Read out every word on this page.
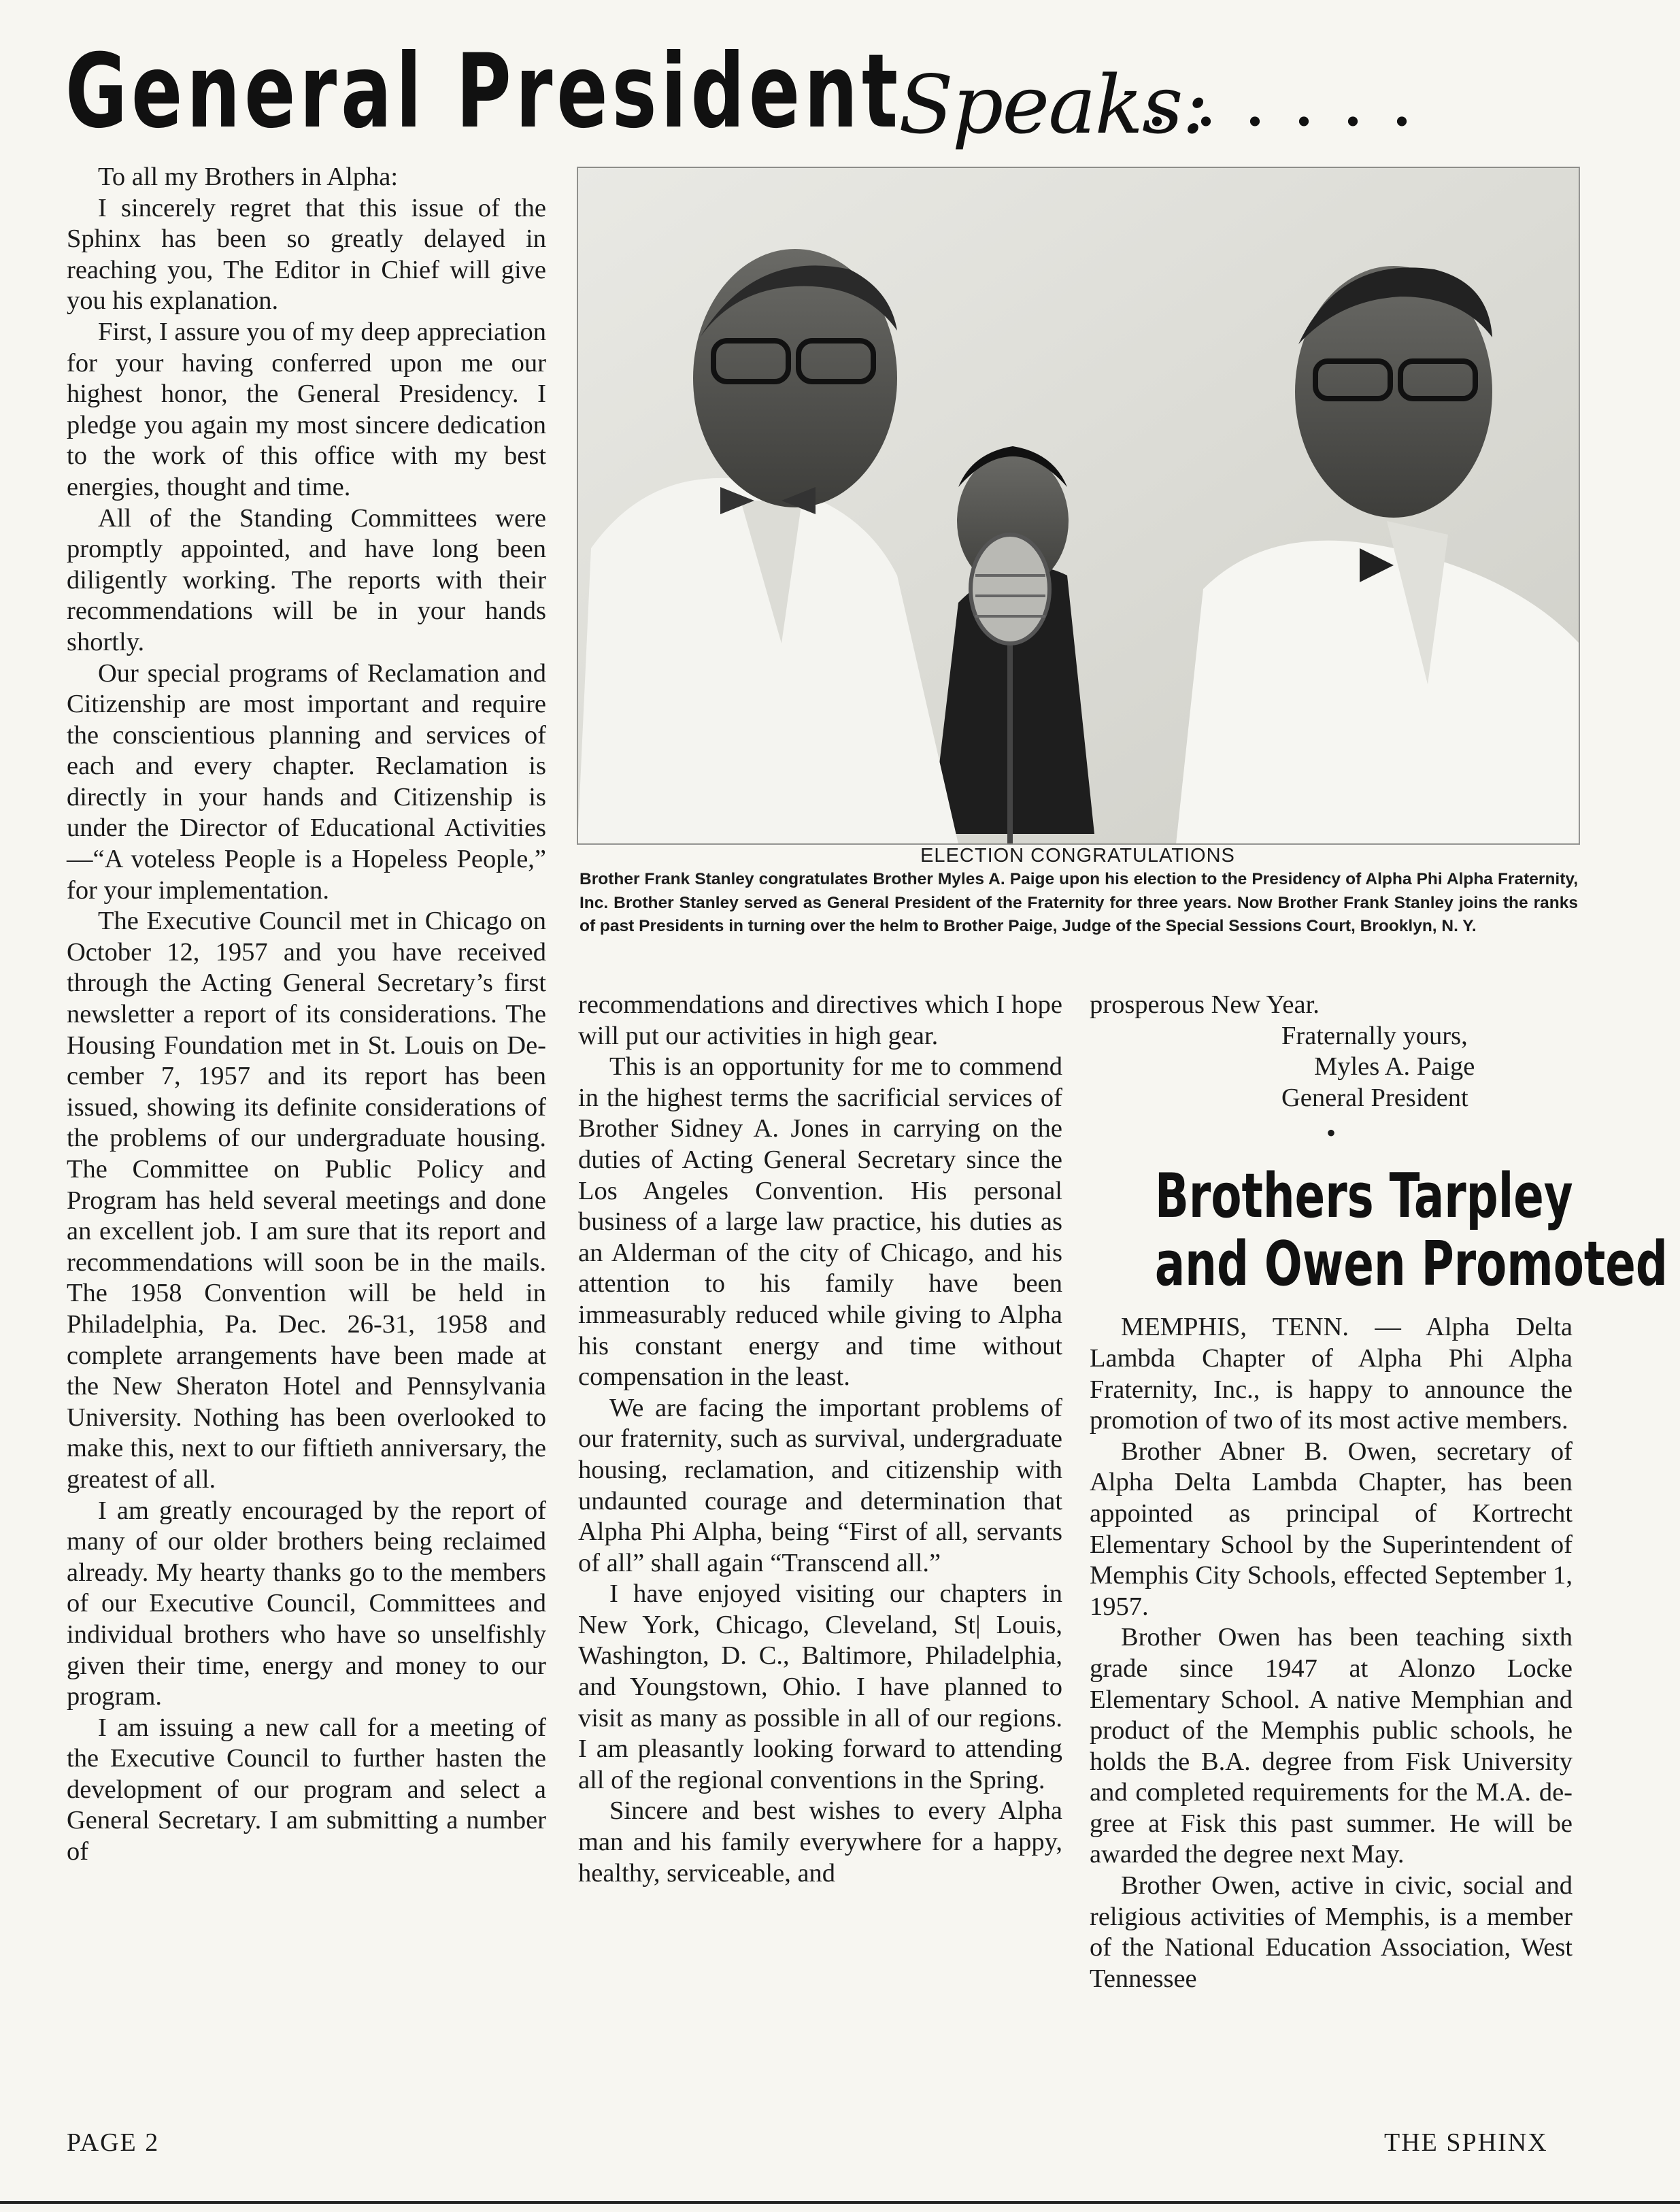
General President
Speaks:
......

To all my Brothers in Alpha:

I sincerely regret that this issue of the Sphinx has been so greatly delayed in reaching you, The Editor in Chief will give you his explanation.

First, I assure you of my deep appreciation for your having conferred upon me our highest honor, the General Presidency. I pledge you again my most sincere dedication to the work of this office with my best energies, thought and time.

All of the Standing Committees were promptly appointed, and have long been diligently working. The reports with their recommendations will be in your hands shortly.

Our special programs of Reclamation and Citizenship are most important and require the conscientious planning and services of each and every chapter. Reclamation is directly in your hands and Citizenship is under the Director of Educational Activities —“A voteless People is a Hopeless People,” for your implementation.

The Executive Council met in Chicago on October 12, 1957 and you have received through the Acting General Secretary’s first newsletter a report of its considerations. The Housing Foundation met in St. Louis on December 7, 1957 and its report has been issued, showing its definite considerations of the problems of our undergraduate housing. The Committee on Public Policy and Program has held several meetings and done an excellent job. I am sure that its report and recommendations will soon be in the mails. The 1958 Convention will be held in Philadelphia, Pa. Dec. 26-31, 1958 and complete arrangements have been made at the New Sheraton Hotel and Pennsylvania University. Nothing has been overlooked to make this, next to our fiftieth anniversary, the greatest of all.

I am greatly encouraged by the report of many of our older brothers being reclaimed already. My hearty thanks go to the members of our Executive Council, Committees and individual brothers who have so unselfishly given their time, energy and money to our program.

I am issuing a new call for a meeting of the Executive Council to further hasten the development of our program and select a General Secretary. I am submitting a number of

ELECTION CONGRATULATIONS
Brother Frank Stanley congratulates Brother Myles A. Paige upon his election to the Presidency of Alpha Phi Alpha Fraternity, Inc. Brother Stanley served as General President of the Fraternity for three years. Now Brother Frank Stanley joins the ranks of past Presidents in turning over the helm to Brother Paige, Judge of the Special Sessions Court, Brooklyn, N. Y.

recommendations and directives which I hope will put our activities in high gear.

This is an opportunity for me to commend in the highest terms the sacrificial services of Brother Sidney A. Jones in carrying on the duties of Acting General Secretary since the Los Angeles Convention. His personal business of a large law practice, his duties as an Alderman of the city of Chicago, and his attention to his family have been immeasurably reduced while giving to Alpha his constant energy and time without compensation in the least.

We are facing the important problems of our fraternity, such as survival, undergraduate housing, reclamation, and citizenship with undaunted courage and determination that Alpha Phi Alpha, being “First of all, servants of all” shall again “Transcend all.”

I have enjoyed visiting our chapters in New York, Chicago, Cleveland, St| Louis, Washington, D. C., Baltimore, Philadelphia, and Youngstown, Ohio. I have planned to visit as many as possible in all of our regions. I am pleasantly looking forward to attending all of the regional conventions in the Spring.

Sincere and best wishes to every Alpha man and his family everywhere for a happy, healthy, serviceable, and

prosperous New Year.

Fraternally yours,

Myles A. Paige

General President

•

Brothers Tarpley
and Owen Promoted

MEMPHIS, TENN. — Alpha Delta Lambda Chapter of Alpha Phi Alpha Fraternity, Inc., is happy to announce the promotion of two of its most active members.

Brother Abner B. Owen, secretary of Alpha Delta Lambda Chapter, has been appointed as principal of Kortrecht Elementary School by the Superintendent of Memphis City Schools, effected September 1, 1957.

Brother Owen has been teaching sixth grade since 1947 at Alonzo Locke Elementary School. A native Memphian and product of the Memphis public schools, he holds the B.A. degree from Fisk University and completed requirements for the M.A. degree at Fisk this past summer. He will be awarded the degree next May.

Brother Owen, active in civic, social and religious activities of Memphis, is a member of the National Education Association, West Tennessee

PAGE 2	THE SPHINX
